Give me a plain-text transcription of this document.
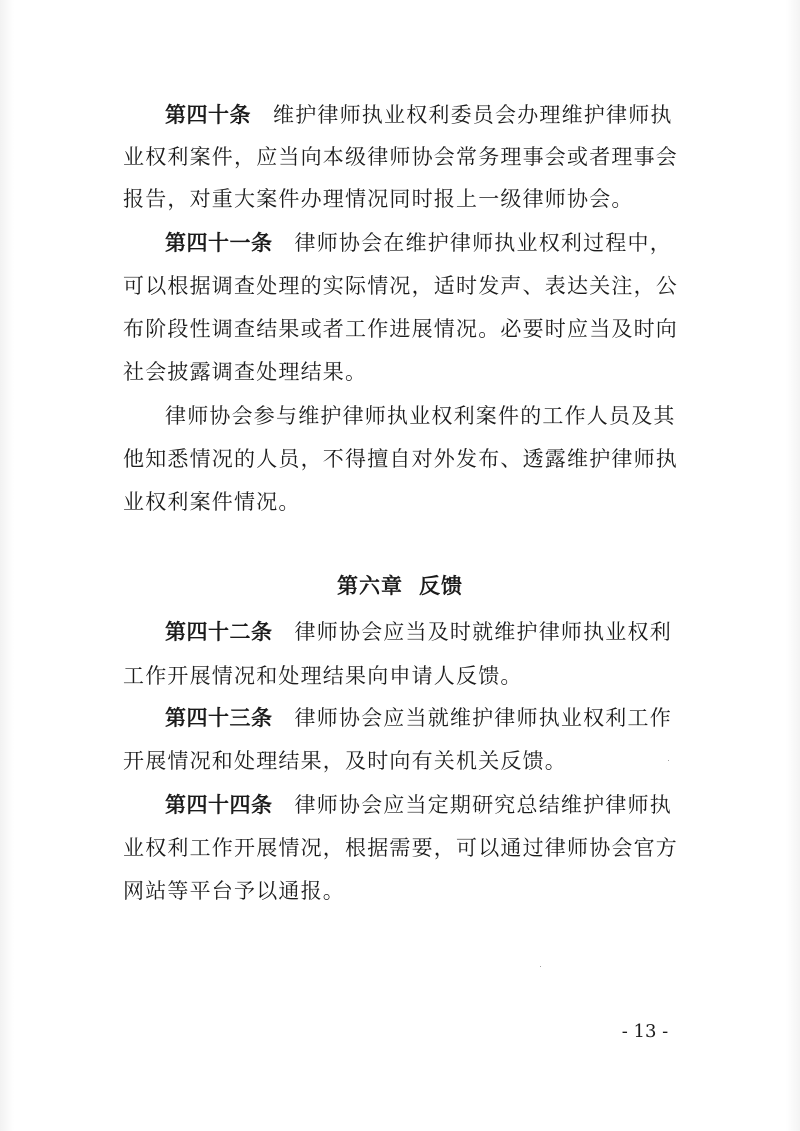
第四十条 维护律师执业权利委员会办理维护律师执
业权利案件，应当向本级律师协会常务理事会或者理事会
报告，对重大案件办理情况同时报上一级律师协会。
第四十一条 律师协会在维护律师执业权利过程中，
可以根据调查处理的实际情况，适时发声、表达关注，公
布阶段性调查结果或者工作进展情况。必要时应当及时向
社会披露调查处理结果。
律师协会参与维护律师执业权利案件的工作人员及其
他知悉情况的人员，不得擅自对外发布、透露维护律师执
业权利案件情况。
第六章 反馈
第四十二条 律师协会应当及时就维护律师执业权利
工作开展情况和处理结果向申请人反馈。
第四十三条 律师协会应当就维护律师执业权利工作
开展情况和处理结果，及时向有关机关反馈。
第四十四条 律师协会应当定期研究总结维护律师执
业权利工作开展情况，根据需要，可以通过律师协会官方
网站等平台予以通报。
- 13 -
